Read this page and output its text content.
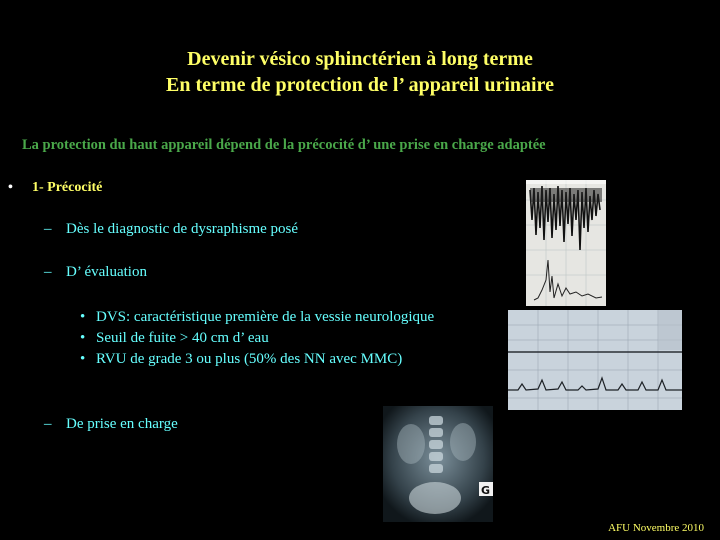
Devenir vésico sphinctérien à long terme
En terme de protection de l’ appareil urinaire
La protection du haut appareil dépend de la précocité d’ une prise en charge adaptée
• 1- Précocité
– Dès le diagnostic de dysraphisme posé
– D’ évaluation
• DVS: caractéristique première de la vessie neurologique
• Seuil de fuite > 40 cm d’ eau
• RVU de grade 3 ou plus (50% des NN avec MMC)
– De prise en charge
G
AFU Novembre 2010
